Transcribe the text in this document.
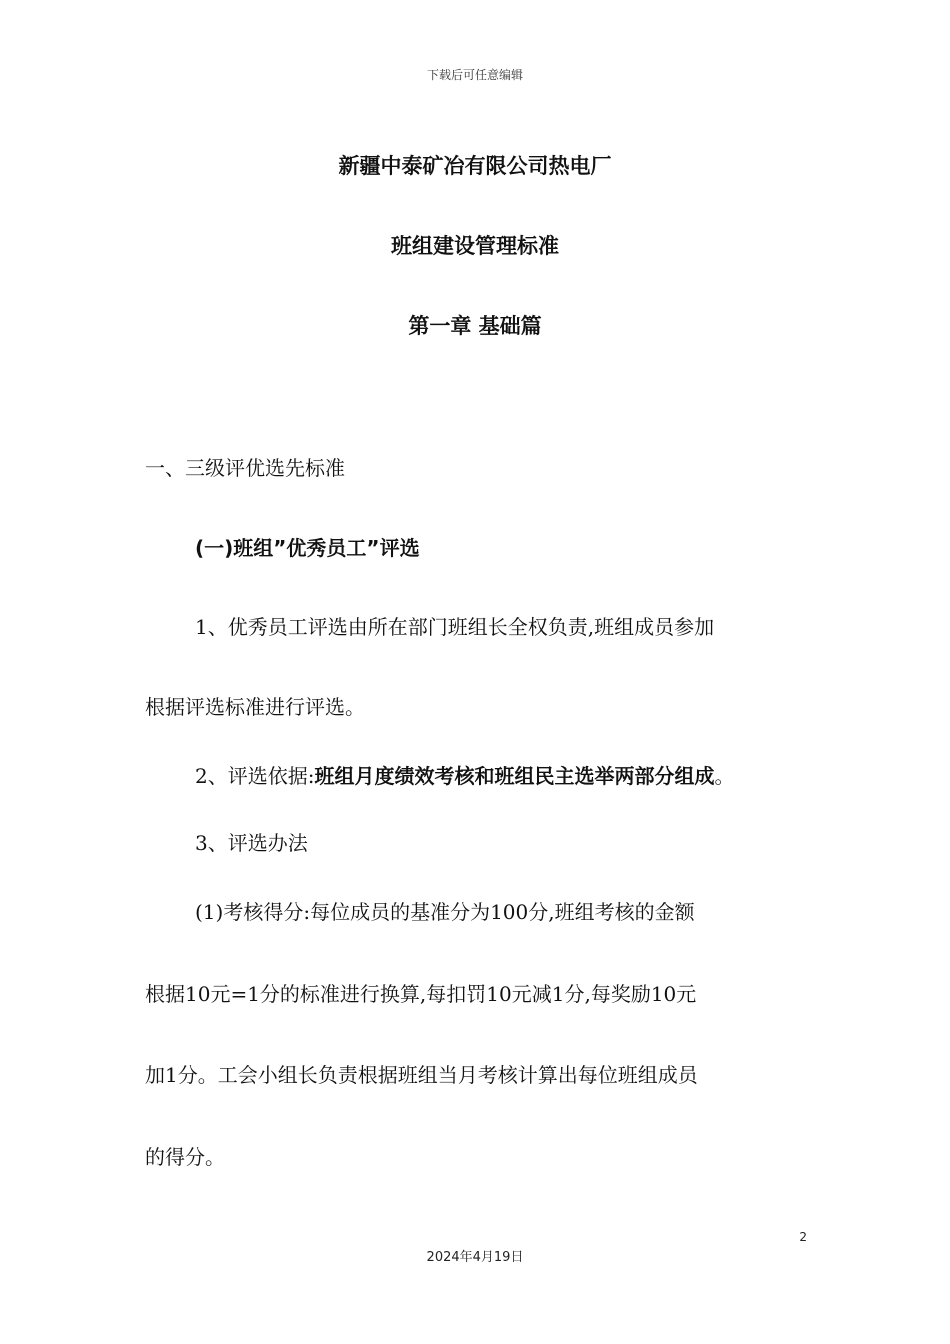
下载后可任意编辑
新疆中泰矿冶有限公司热电厂
班组建设管理标准
第一章 基础篇
一、三级评优选先标准
(一)班组”优秀员工”评选
1、优秀员工评选由所在部门班组长全权负责,班组成员参加
根据评选标准进行评选。
2、评选依据:班组月度绩效考核和班组民主选举两部分组成。
3、评选办法
(1)考核得分:每位成员的基准分为100分,班组考核的金额
根据10元=1分的标准进行换算,每扣罚10元减1分,每奖励10元
加1分。工会小组长负责根据班组当月考核计算出每位班组成员
的得分。
2
2024年4月19日
